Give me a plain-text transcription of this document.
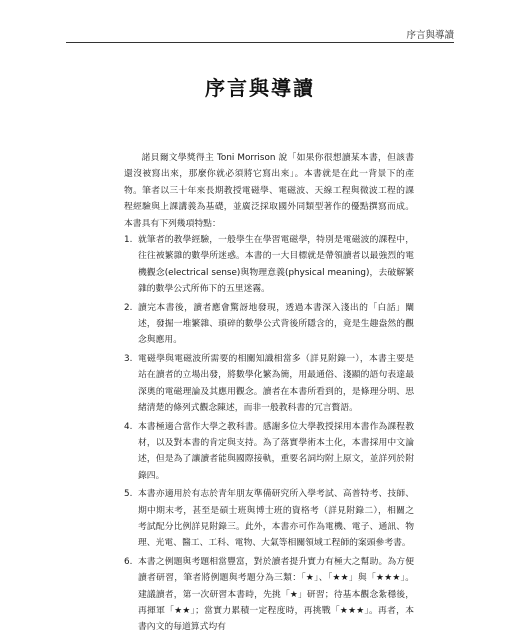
序言與導讀
序言與導讀

諾貝爾文學獎得主 Toni Morrison 說「如果你很想讀某本書，但該書還沒被寫出來，那麼你就必須將它寫出來」。本書就是在此一背景下的產物。筆者以三十年來長期教授電磁學、電磁波、天線工程與微波工程的課程經驗與上課講義為基礎，並廣泛採取國外同類型著作的優點撰寫而成。本書具有下列幾項特點：

1. 就筆者的教學經驗，一般學生在學習電磁學，特別是電磁波的課程中，往往被繁雜的數學所迷惑。本書的一大目標就是帶領讀者以最強烈的電機觀念(electrical sense)與物理意義(physical meaning)，去破解繁雜的數學公式所佈下的五里迷霧。
2. 讀完本書後，讀者應會驚訝地發現，透過本書深入淺出的「白話」闡述，發掘一堆繁雜、瑣碎的數學公式背後所隱含的，竟是生趣盎然的觀念與應用。
3. 電磁學與電磁波所需要的相關知識相當多（詳見附錄一），本書主要是站在讀者的立場出發，將數學化繁為簡，用最通俗、淺顯的語句表達最深奧的電磁理論及其應用觀念。讀者在本書所看到的，是條理分明、思緒清楚的條列式觀念陳述，而非一般教科書的冗言贅語。
4. 本書極適合當作大學之教科書。感謝多位大學教授採用本書作為課程教材，以及對本書的肯定與支持。為了落實學術本土化，本書採用中文論述，但是為了讓讀者能與國際接軌，重要名詞均附上原文，並詳列於附錄四。
5. 本書亦適用於有志於青年朋友準備研究所入學考試、高普特考、技師、期中期末考，甚至是碩士班與博士班的資格考（詳見附錄二），相關之考試配分比例詳見附錄三。此外，本書亦可作為電機、電子、通訊、物理、光電、醫工、工科、電物、大氣等相關領域工程師的案頭參考書。
6. 本書之例題與考題相當豐富，對於讀者提升實力有極大之幫助。為方便讀者研習，筆者將例題與考題分為三類：「★」、「★★」與「★★★」。建議讀者，第一次研習本書時，先挑「★」研習；待基本觀念紮穩後，再揮軍「★★」；當實力累積一定程度時，再挑戰「★★★」。再者，本書內文的每道算式均有
